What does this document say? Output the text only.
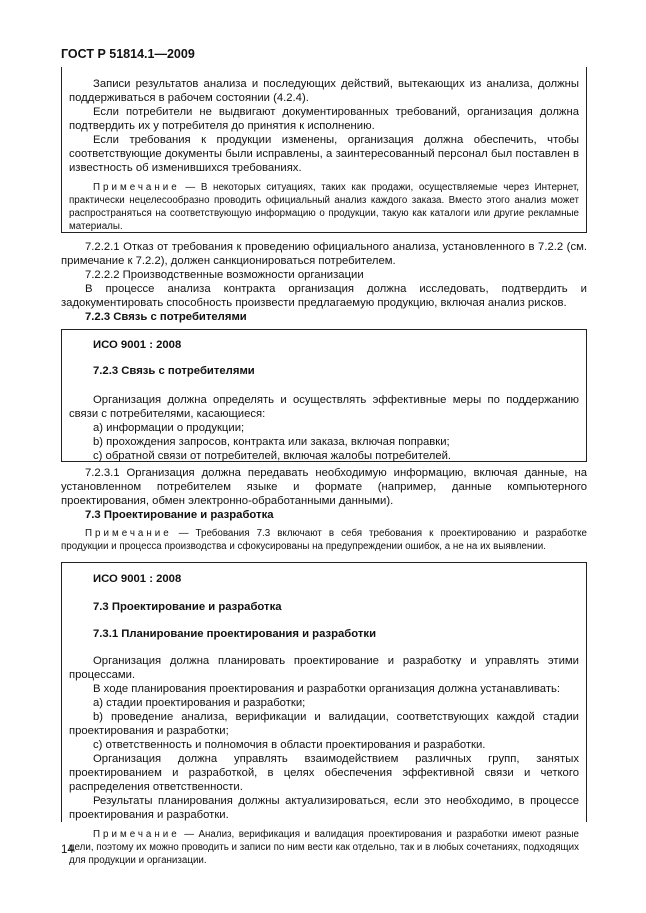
ГОСТ Р 51814.1—2009

Записи результатов анализа и последующих действий, вытекающих из анализа, должны поддерживаться в рабочем состоянии (4.2.4).

Если потребители не выдвигают документированных требований, организация должна подтвердить их у потребителя до принятия к исполнению.

Если требования к продукции изменены, организация должна обеспечить, чтобы соответствующие документы были исправлены, а заинтересованный персонал был поставлен в известность об изменившихся требованиях.

Примечание — В некоторых ситуациях, таких как продажи, осуществляемые через Интернет, практически нецелесообразно проводить официальный анализ каждого заказа. Вместо этого анализ может распространяться на соответствующую информацию о продукции, такую как каталоги или другие рекламные материалы.

7.2.2.1 Отказ от требования к проведению официального анализа, установленного в 7.2.2 (см. примечание к 7.2.2), должен санкционироваться потребителем.

7.2.2.2 Производственные возможности организации

В процессе анализа контракта организация должна исследовать, подтвердить и задокументировать способность произвести предлагаемую продукцию, включая анализ рисков.

7.2.3 Связь с потребителями

ИСО 9001 : 2008

7.2.3 Связь с потребителями

Организация должна определять и осуществлять эффективные меры по поддержанию связи с потребителями, касающиеся:

a) информации о продукции;

b) прохождения запросов, контракта или заказа, включая поправки;

c) обратной связи от потребителей, включая жалобы потребителей.

7.2.3.1 Организация должна передавать необходимую информацию, включая данные, на установленном потребителем языке и формате (например, данные компьютерного проектирования, обмен электронно-обработанными данными).

7.3 Проектирование и разработка

Примечание — Требования 7.3 включают в себя требования к проектированию и разработке продукции и процесса производства и сфокусированы на предупреждении ошибок, а не на их выявлении.

ИСО 9001 : 2008

7.3 Проектирование и разработка

7.3.1 Планирование проектирования и разработки

Организация должна планировать проектирование и разработку и управлять этими процессами.

В ходе планирования проектирования и разработки организация должна устанавливать:

a) стадии проектирования и разработки;

b) проведение анализа, верификации и валидации, соответствующих каждой стадии проектирования и разработки;

c) ответственность и полномочия в области проектирования и разработки.

Организация должна управлять взаимодействием различных групп, занятых проектированием и разработкой, в целях обеспечения эффективной связи и четкого распределения ответственности.

Результаты планирования должны актуализироваться, если это необходимо, в процессе проектирования и разработки.

Примечание — Анализ, верификация и валидация проектирования и разработки имеют разные цели, поэтому их можно проводить и записи по ним вести как отдельно, так и в любых сочетаниях, подходящих для продукции и организации.

14
